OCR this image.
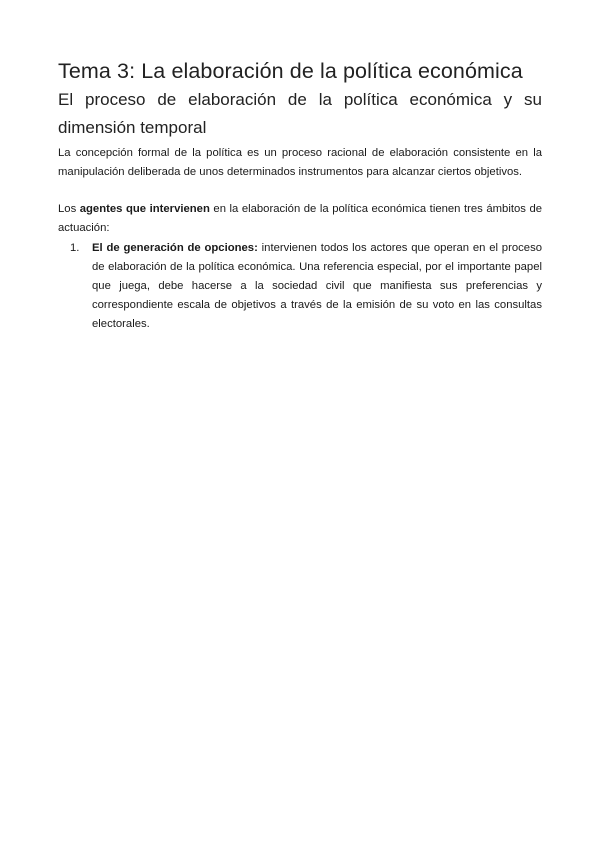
Tema 3: La elaboración de la política económica
El proceso de elaboración de la política económica y su dimensión temporal

La concepción formal de la política es un proceso racional de elaboración consistente en la manipulación deliberada de unos determinados instrumentos para alcanzar ciertos objetivos.

Los agentes que intervienen en la elaboración de la política económica tienen tres ámbitos de actuación:

1. El de generación de opciones: intervienen todos los actores que operan en el proceso de elaboración de la política económica. Una referencia especial, por el importante papel que juega, debe hacerse a la sociedad civil que manifiesta sus preferencias y correspondiente escala de objetivos a través de la emisión de su voto en las consultas electorales.
